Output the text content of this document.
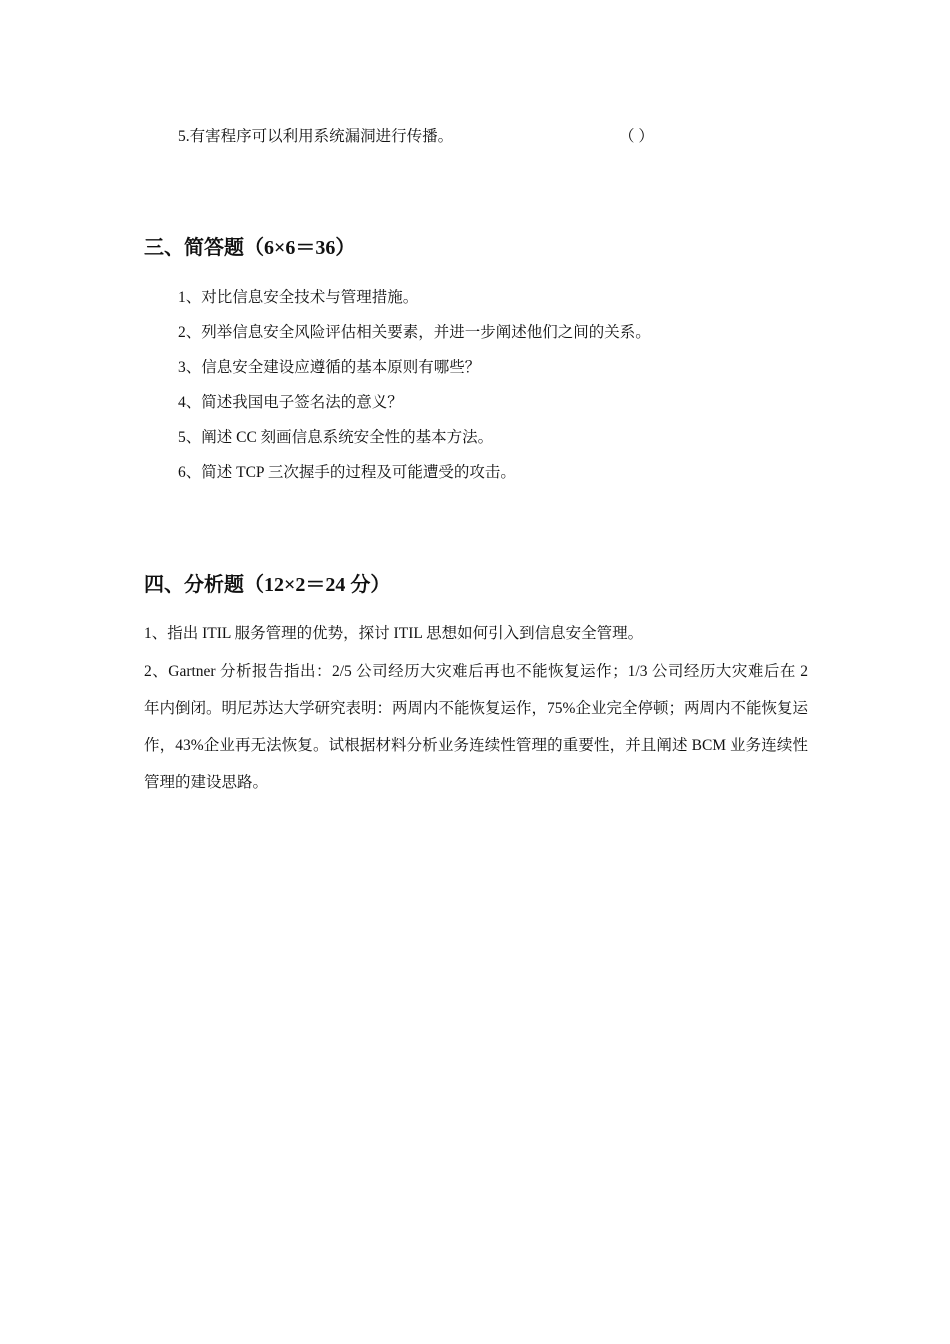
5.有害程序可以利用系统漏洞进行传播。	（ ）
三、简答题（6×6＝36）
1、对比信息安全技术与管理措施。
2、列举信息安全风险评估相关要素，并进一步阐述他们之间的关系。
3、信息安全建设应遵循的基本原则有哪些？
4、简述我国电子签名法的意义？
5、阐述 CC 刻画信息系统安全性的基本方法。
6、简述 TCP 三次握手的过程及可能遭受的攻击。
四、分析题（12×2＝24 分）

1、指出 ITIL 服务管理的优势，探讨 ITIL 思想如何引入到信息安全管理。

2、Gartner 分析报告指出：2/5 公司经历大灾难后再也不能恢复运作；1/3 公司经历大灾难后在 2 年内倒闭。明尼苏达大学研究表明：两周内不能恢复运作，75%企业完全停顿；两周内不能恢复运作，43%企业再无法恢复。试根据材料分析业务连续性管理的重要性，并且阐述 BCM 业务连续性管理的建设思路。
